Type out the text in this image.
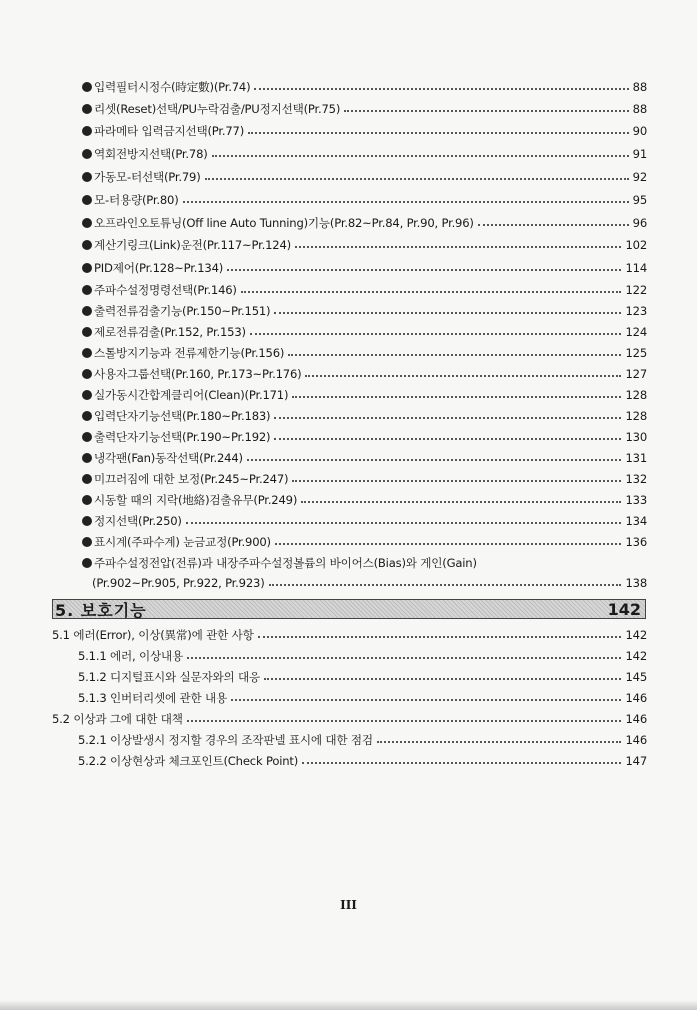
입력필터시정수(時定數)(Pr.74)	88
리셋(Reset)선택/PU누락검출/PU정지선택(Pr.75)	88
파라메타 입력금지선택(Pr.77)	90
역회전방지선택(Pr.78)	91
가동모-터선택(Pr.79)	92
모-터용량(Pr.80)	95
오프라인오토튜닝(Off line Auto Tunning)기능(Pr.82~Pr.84, Pr.90, Pr.96)	96
계산기링크(Link)운전(Pr.117~Pr.124)	102
PID제어(Pr.128~Pr.134)	114
주파수설정명령선택(Pr.146)	122
출력전류검출기능(Pr.150~Pr.151)	123
제로전류검출(Pr.152, Pr.153)	124
스톨방지기능과 전류제한기능(Pr.156)	125
사용자그룹선택(Pr.160, Pr.173~Pr.176)	127
실가동시간합계클리어(Clean)(Pr.171)	128
입력단자기능선택(Pr.180~Pr.183)	128
출력단자기능선택(Pr.190~Pr.192)	130
냉각팬(Fan)동작선택(Pr.244)	131
미끄러짐에 대한 보정(Pr.245~Pr.247)	132
시동할 때의 지락(地絡)검출유무(Pr.249)	133
정지선택(Pr.250)	134
표시계(주파수계) 눈금교정(Pr.900)	136
주파수설정전압(전류)과 내장주파수설정볼륨의 바이어스(Bias)와 게인(Gain)
(Pr.902~Pr.905, Pr.922, Pr.923)	138
5. 보호기능	142
5.1 에러(Error), 이상(異常)에 관한 사항	142
5.1.1 에러, 이상내용	142
5.1.2 디지털표시와 실문자와의 대응	145
5.1.3 인버터리셋에 관한 내용	146
5.2 이상과 그에 대한 대책	146
5.2.1 이상발생시 정지할 경우의 조작판넬 표시에 대한 점검	146
5.2.2 이상현상과 체크포인트(Check Point)	147
III
